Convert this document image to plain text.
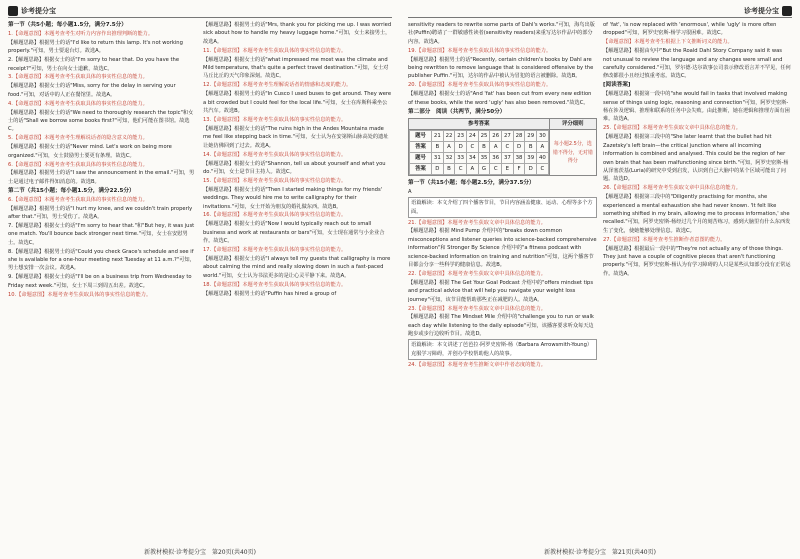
诊考提分宝

第一节（共5小题；每小题1.5分，满分7.5分）

1.【命题意图】本题考查考生对听力内容作出推理判断的能力。

【解题思路】根据男士的话"I'd like to return this lamp. It's not working properly."可知，男士要退台灯。故选A。

2.【解题思路】根据女士的话"I'm sorry to hear that. Do you have the receipt?"可知，男士在向女士道歉，故选C。

3.【命题意图】本题考查考生获取具体的事实性信息的能力。

【解题思路】根据女士的话"Miss, sorry for the delay in serving your food."可知，对话中的人正在餐馆里。故选A。

4.【命题意图】本题考查考生获取具体的事实性信息的能力。

【解题思路】根据女士的话"We need to thoroughly research the topic"和女士的话"Shall we borrow some books first?"可知，他们可能在图书馆。故选C。

5.【命题意图】本题考查考生理解说话者的隐含意义的能力。

【解题思路】根据女士的话"Never mind. Let's work on being more organized."可知，女士鼓励男士要更有条理。故选C。

6.【命题意图】本题考查考生获取具体的事实性信息的能力。

【解题思路】根据男士的话"I saw the announcement in the email."可知，男士是通过电子邮件得知消息的。故选B。

第二节（共15小题；每小题1.5分，满分22.5分）

6.【命题意图】本题考查考生获取具体的事实性信息的能力。

【解题思路】根据男士的话"I hurt my knee, and we couldn't train properly after that."可知，男士受伤了。故选A。

7.【解题思路】根据女士的话"I'm sorry to hear that."和"But hey, it was just one match. You'll bounce back stronger next time."可知，女士在安慰男士。故选C。

8.【解题思路】根据男士的话"Could you check Grace's schedule and see if she is available for a one-hour meeting next Tuesday at 11 a.m.?"可知，男士想安排一次会议。故选A。

9.【解题思路】根据女士的话"I'll be on a business trip from Wednesday to Friday next week."可知，女士下周三到周五出差。故选C。

10.【命题意图】本题考查考生获取具体的事实性信息的能力。

【解题思路】根据男士的话"Mrs, thank you for picking me up. I was worried sick about how to handle my heavy luggage home."可知，女士来接男士，故选A。

11.【命题意图】本题考查考生获取具体的事实性信息的能力。

【解题思路】根据女士的话"what impressed me most was the climate and Mild temperature, that's quite a perfect travel destination."可知，女士对马丘比丘的天气印象深刻。故选C。

12.【命题意图】本题考查考生理解说话者的情感和态度的能力。

【解题思路】根据男士的话"In Cusco I used buses to get around. They were a bit crowded but I could feel for the local life."可知，女士在库斯科乘坐公共汽车。故选B。

13.【命题意图】本题考查考生获取具体的事实性信息的能力。

【解题思路】根据女士的话"The ruins high in the Andes Mountains made me feel like stepping back in time."可知，女士认为在安第斯山脉高处的遗址让她仿佛回到了过去。故选A。

14.【命题意图】本题考查考生获取具体的事实性信息的能力。

【解题思路】根据女士的话"Shannon, tell us about yourself and what you do."可知，女士是节目主持人。故选C。

15.【命题意图】本题考查考生获取具体的事实性信息的能力。

【解题思路】根据女士的话"Then I started making things for my friends' weddings. They would hire me to write calligraphy for their invitations."可知，女士开始为朋友的婚礼做东西。故选B。

16.【命题意图】本题考查考生获取具体的事实性信息的能力。

【解题思路】根据女士的话"Now I would typically reach out to small business and work at restaurants or bars"可知，女士现在通常与小企业合作。故选C。

17.【命题意图】本题考查考生获取具体的事实性信息的能力。

【解题思路】根据女士的话"I always tell my guests that calligraphy is more about calming the mind and really slowing down in such a fast-paced world."可知，女士认为书法更多的是让心灵平静下来。故选A。

18.【命题意图】本题考查考生获取具体的事实性信息的能力。

【解题思路】根据男士的话"Puffin has hired a group of

新教材模拟·诊考提分宝　第20页(共40页)
诊考提分宝

sensitivity readers to rewrite some parts of Dahl's works."可知，海鸟出版社(Puffin)聘请了一群敏感性读者(sensitivity readers)来重写达尔作品中的部分内容。故选A。

19.【命题意图】本题考查考生获取具体的事实性信息的能力。

【解题思路】根据男士的话"Recently, certain children's books by Dahl are being rewritten to remove language that is considered offensive by the publisher Puffin."可知，达尔的作品中被认为冒犯的语言被删除。故选B。

20.【命题意图】本题考查考生获取具体的事实性信息的能力。

【解题思路】根据女士的话"And 'fat' has been cut from every new edition of these books, while the word 'ugly' has also been removed."故选C。

第二部分　阅读（共两节，满分50分）

参考答案	评分细则
题号	21	22	23	24	25	26	27	28	29	30
答案	B	A	D	C	B	A	C	D	B	A
题号	31	32	33	34	35	36	37	38	39	40
答案	D	B	C	A	G	C	E	F	D	C
每小题2.5分，选错不得分，无对错得分

第一节（共15小题；每小题2.5分，满分37.5分）

A

语篇解读：本文介绍了四个播客节目，节目内容涵盖健康、运动、心理等多个方面。

21.【命题意图】本题考查考生获取文章中具体信息的能力。

【解题思路】根据 Mind Pump 介绍中的"breaks down common misconceptions and listener queries into science-backed comprehensive information"和 Stronger By Science 介绍中的"a fitness podcast with science-backed information on training and nutrition"可知，这两个播客节目都会分享一些科学的健康信息。故选B。

22.【命题意图】本题考查考生获取文章中具体信息的能力。

【解题思路】根据 The Get Your Goal Podcast 介绍中的"offers mindset tips and practical advice that will help you navigate your weight loss journey"可知，该节目能帮助那些正在减肥的人。故选A。

23.【命题意图】本题考查考生获取文章中具体信息的能力。

【解题思路】根据 The Mindset Mile 介绍中的"challenge you to run or walk each day while listening to the daily episode"可知，该播客要求听众每天边跑步或步行边收听节目。故选D。

语篇解读：本文讲述了芭芭拉·阿罗史密斯-杨（Barbara Arrowsmith-Young）克服学习障碍，并创办学校帮助他人的故事。

24.【命题意图】本题考查考生推断文章中作者态度的能力。

of 'fat', 'is now replaced with 'enormous', while 'ugly' is more often dropped"可知，阿罗史密斯-杨学习很困难。故选C。

【命题意图】本题考查考生根据上下文推断词义的能力。

【解题思路】根据由句中"But the Roald Dahl Story Company said it was not unusual to review the language and any changes were small and carefully considered."可知，罗尔德·达尔故事公司表示修改语言并不罕见，任何修改都很小且经过慎重考虑。故选C。

[阅读答案]

【解题思路】根据第一段中的"she would fail in tasks that involved making sense of things using logic, reasoning and connection"可知，阿罗史密斯-杨在涉及逻辑、推理和联系的任务中会失败。由此推断，她在逻辑和推理方面有困难。故选A。

25.【命题意图】本题考查考生获取文章中具体信息的能力。

【解题思路】根据第三段中的"She later learnt that the bullet had hit Zazetsky's left brain—the critical junction where all incoming information is combined and analysed. This could be the region of her own brain that has been malfunctioning since birth."可知，阿罗史密斯-杨从泽塞茨基(Luria)的研究中受到启发，认识到自己大脑中的某个区域可能出了问题。故选D。

26.【命题意图】本题考查考生获取文章中具体信息的能力。

【解题思路】根据第三段中的"Diligently practising for months, she experienced a mental exhaustion she had never known. 'It felt like something shifted in my brain, allowing me to process information,' she recalled."可知，阿罗史密斯-杨经过几个月的刻苦练习，感到大脑里有什么东西发生了变化，使她能够处理信息。故选C。

27.【命题意图】本题考查考生推断作者意图的能力。

【解题思路】根据最后一段中的"They're not actually any of those things. They just have a couple of cognitive pieces that aren't functioning properly."可知，阿罗史密斯-杨认为有学习障碍的人只是某些认知部分没有正常运作。故选A。

新教材模拟·诊考提分宝　第21页(共40页)
